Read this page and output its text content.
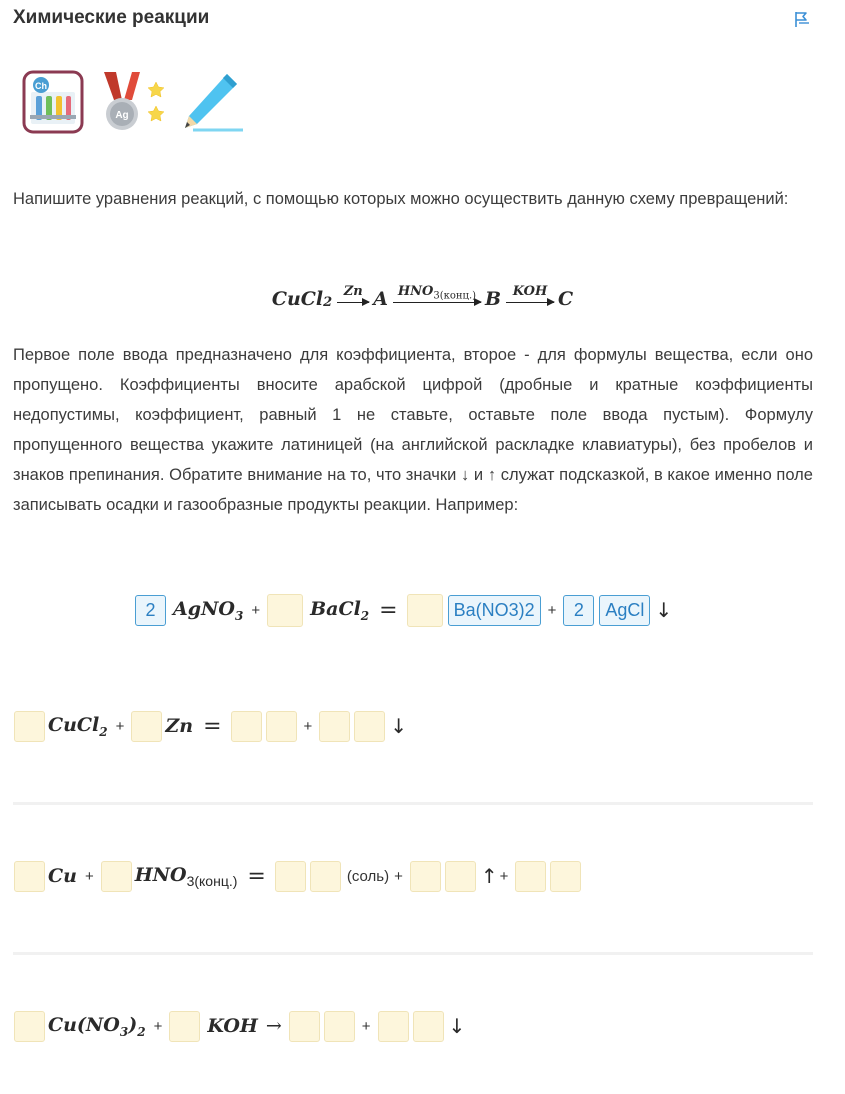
Химические реакции
Ch
Ag

Напишите уравнения реакций, с помощью которых можно осуществить данную схему превращений:

CuCl 2
Zn A $HNO_{3(конц.)}$ B KOH C

Первое поле ввода предназначено для коэффициента, второе - для формулы вещества, если оно пропущено. Коэффициенты вносите арабской цифрой (дробные и кратные коэффициенты недопустимы, коэффициент, равный 1 не ставьте, оставьте поле ввода пустым). Формулу пропущенного вещества укажите латиницей (на английской раскладке клавиатуры), без пробелов и знаков препинания. Обратите внимание на то, что значки ↓ и ↑ служат подсказкой, в какое именно поле записывать осадки и газообразные продукты реакции. Например:

2 AgNO$_3$ +	BaCl$_2$ =	Ba(NO3)2 + 2	AgCl ↓
CuCl$_2$ + Zn =	+	↓
$Cu + HNO_{3(конц.)}$ =	(соль) +	↑ +
$Cu(NO_3)_2$ + KOH →	+	↓
